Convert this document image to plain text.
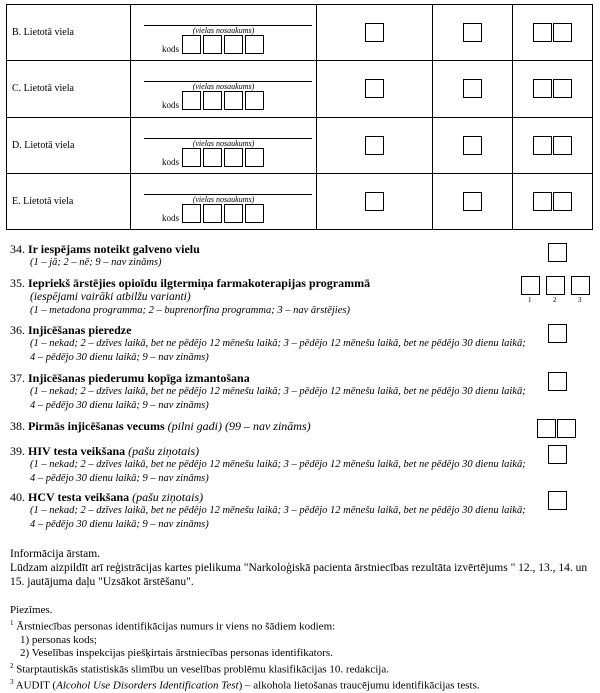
B. Lietotā viela	(vielas nosaukums)
kods			

C. Lietotā viela	(vielas nosaukums)
kods			

D. Lietotā viela	(vielas nosaukums)
kods			

E. Lietotā viela	(vielas nosaukums)
kods			

34. Ir iespējams noteikt galveno vielu
(1 – jā; 2 – nē; 9 – nav zināms)
35. Iepriekš ārstējies opioīdu ilgtermiņa farmakoterapijas programmā
(iespējami vairāki atbilžu varianti)
(1 – metadona programma; 2 – buprenorfīna programma; 3 – nav ārstējies)
1	2	3
36. Injicēšanas pieredze
(1 – nekad; 2 – dzīves laikā, bet ne pēdējo 12 mēnešu laikā; 3 – pēdējo 12 mēnešu laikā, bet ne pēdējo 30 dienu laikā; 4 – pēdējo 30 dienu laikā; 9 – nav zināms)
37. Injicēšanas piederumu kopīga izmantošana
(1 – nekad; 2 – dzīves laikā, bet ne pēdējo 12 mēnešu laikā; 3 – pēdējo 12 mēnešu laikā, bet ne pēdējo 30 dienu laikā; 4 – pēdējo 30 dienu laikā; 9 – nav zināms)
38. Pirmās injicēšanas vecums (pilni gadi) (99 – nav zināms)
39. HIV testa veikšana (pašu ziņotais)
(1 – nekad; 2 – dzīves laikā, bet ne pēdējo 12 mēnešu laikā; 3 – pēdējo 12 mēnešu laikā, bet ne pēdējo 30 dienu laikā; 4 – pēdējo 30 dienu laikā; 9 – nav zināms)
40. HCV testa veikšana (pašu ziņotais)
(1 – nekad; 2 – dzīves laikā, bet ne pēdējo 12 mēnešu laikā; 3 – pēdējo 12 mēnešu laikā, bet ne pēdējo 30 dienu laikā; 4 – pēdējo 30 dienu laikā; 9 – nav zināms)
Informācija ārstam.
Lūdzam aizpildīt arī reģistrācijas kartes pielikuma "Narkoloģiskā pacienta ārstniecības rezultāta izvērtējums " 12., 13., 14. un 15. jautājuma daļu "Uzsākot ārstēšanu".
Piezīmes.
$^1$ Ārstniecības personas identifikācijas numurs ir viens no šādiem kodiem:
1) personas kods;
2) Veselības inspekcijas piešķirtais ārstniecības personas identifikators.
$^2$ Starptautiskās statistiskās slimību un veselības problēmu klasifikācijas 10. redakcija.
$^3$ AUDIT (Alcohol Use Disorders Identification Test) – alkohola lietošanas traucējumu identifikācijas tests.
